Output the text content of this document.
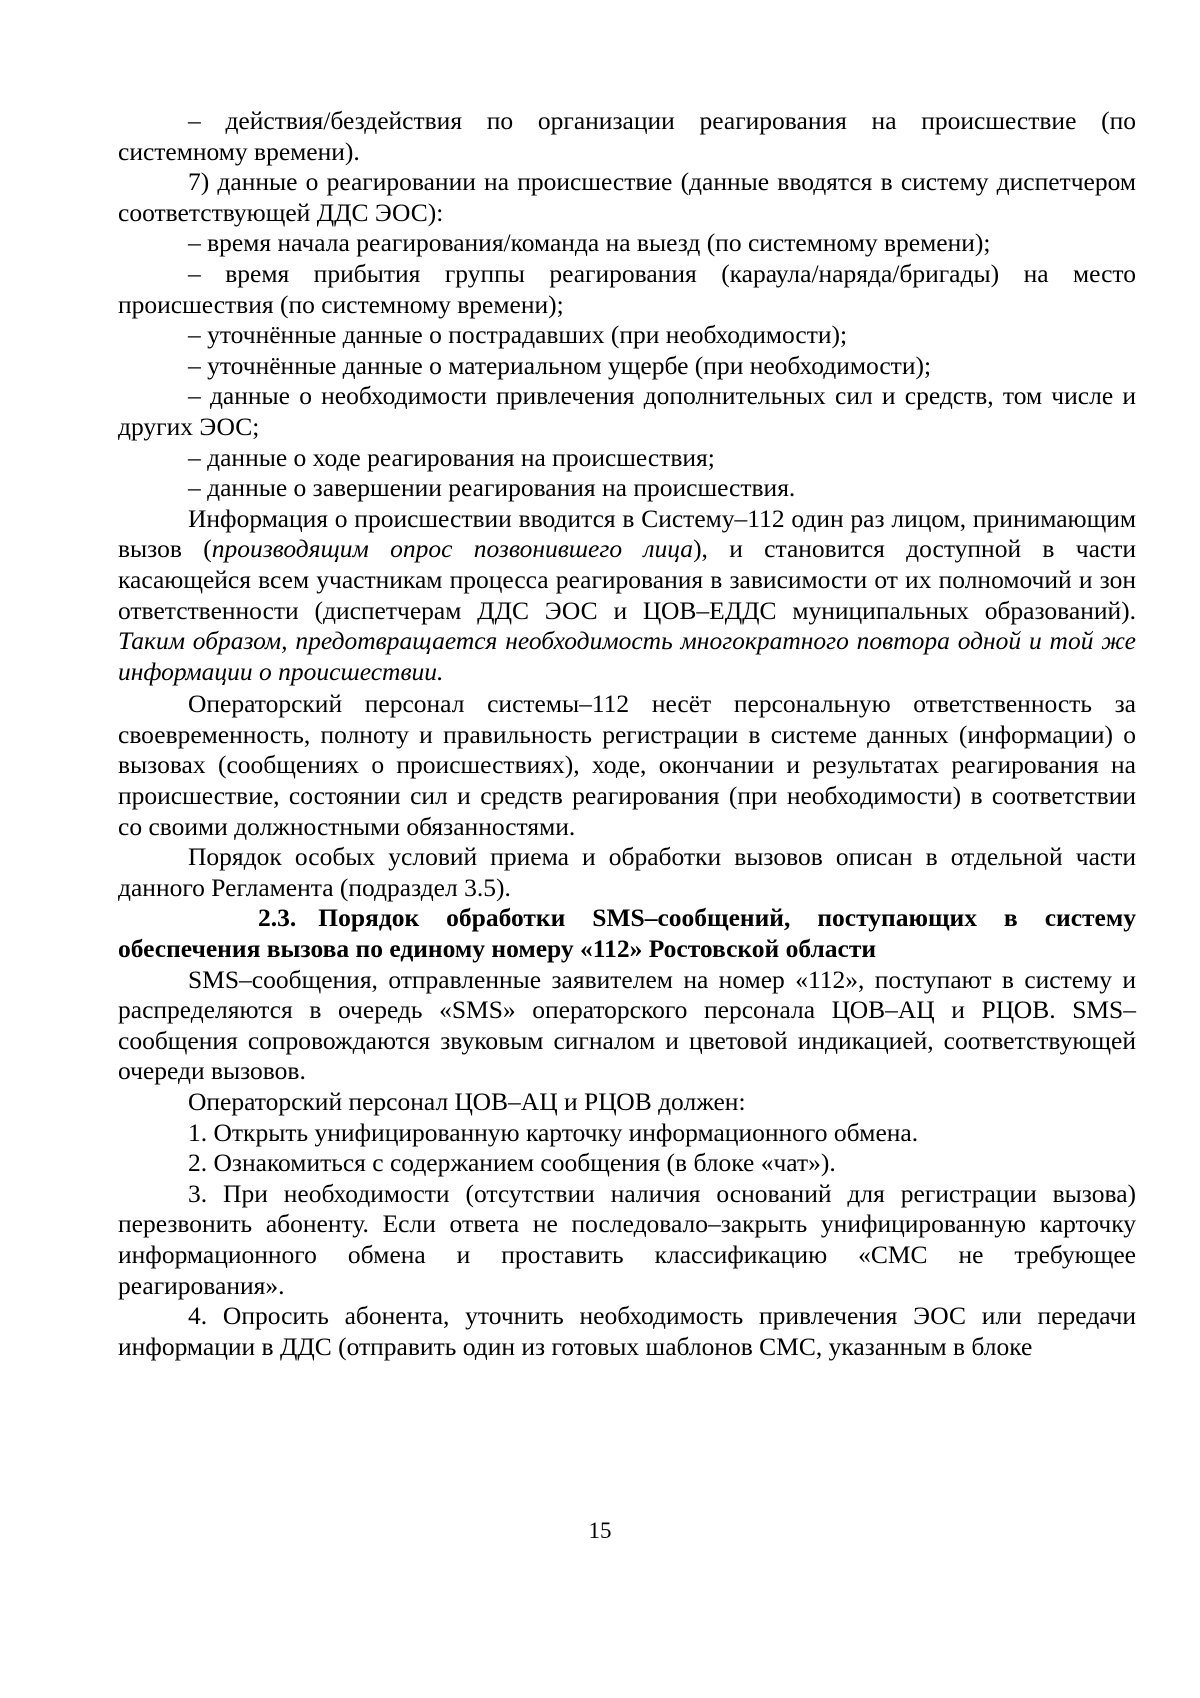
– действия/бездействия по организации реагирования на происшествие (по системному времени).

7) данные о реагировании на происшествие (данные вводятся в систему диспетчером соответствующей ДДС ЭОС):

– время начала реагирования/команда на выезд (по системному времени);

– время прибытия группы реагирования (караула/наряда/бригады) на место происшествия (по системному времени);

– уточнённые данные о пострадавших (при необходимости);

– уточнённые данные о материальном ущербе (при необходимости);

– данные о необходимости привлечения дополнительных сил и средств, том числе и других ЭОС;

– данные о ходе реагирования на происшествия;

– данные о завершении реагирования на происшествия.

Информация о происшествии вводится в Систему–112 один раз лицом, принимающим вызов (производящим опрос позвонившего лица), и становится доступной в части касающейся всем участникам процесса реагирования в зависимости от их полномочий и зон ответственности (диспетчерам ДДС ЭОС и ЦОВ–ЕДДС муниципальных образований). Таким образом, предотвращается необходимость многократного повтора одной и той же информации о происшествии.

Операторский персонал системы–112 несёт персональную ответственность за своевременность, полноту и правильность регистрации в системе данных (информации) о вызовах (сообщениях о происшествиях), ходе, окончании и результатах реагирования на происшествие, состоянии сил и средств реагирования (при необходимости) в соответствии со своими должностными обязанностями.

Порядок особых условий приема и обработки вызовов описан в отдельной части данного Регламента (подраздел 3.5).

2.3. Порядок обработки SMS–сообщений, поступающих в систему обеспечения вызова по единому номеру «112» Ростовской области

SMS–сообщения, отправленные заявителем на номер «112», поступают в систему и распределяются в очередь «SMS» операторского персонала ЦОВ–АЦ и РЦОВ. SMS–сообщения сопровождаются звуковым сигналом и цветовой индикацией, соответствующей очереди вызовов.

Операторский персонал ЦОВ–АЦ и РЦОВ должен:

1. Открыть унифицированную карточку информационного обмена.

2. Ознакомиться с содержанием сообщения (в блоке «чат»).

3. При необходимости (отсутствии наличия оснований для регистрации вызова) перезвонить абоненту. Если ответа не последовало–закрыть унифицированную карточку информационного обмена и проставить классификацию «СМС не требующее реагирования».

4. Опросить абонента, уточнить необходимость привлечения ЭОС или передачи информации в ДДС (отправить один из готовых шаблонов СМС, указанным в блоке

15
